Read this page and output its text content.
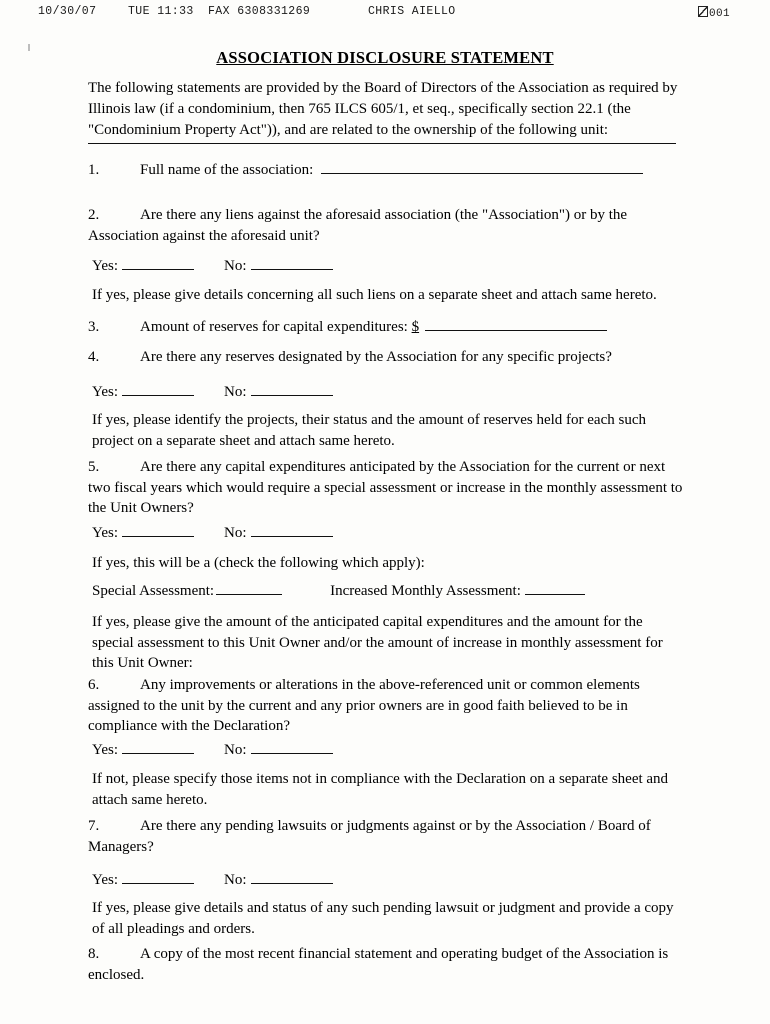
10/30/07	TUE 11:33 FAX 6308331269	CHRIS AIELLO	001
ASSOCIATION DISCLOSURE STATEMENT
The following statements are provided by the Board of Directors of the Association as required by Illinois law (if a condominium, then 765 ILCS 605/1, et seq., specifically section 22.1 (the "Condominium Property Act")), and are related to the ownership of the following unit:
1.	Full name of the association:
2.	Are there any liens against the aforesaid association (the "Association") or by the Association against the aforesaid unit?
Yes:	No:
If yes, please give details concerning all such liens on a separate sheet and attach same hereto.
3.	Amount of reserves for capital expenditures: $
4.	Are there any reserves designated by the Association for any specific projects?
Yes:	No:
If yes, please identify the projects, their status and the amount of reserves held for each such project on a separate sheet and attach same hereto.
5.	Are there any capital expenditures anticipated by the Association for the current or next two fiscal years which would require a special assessment or increase in the monthly assessment to the Unit Owners?
Yes:	No:
If yes, this will be a (check the following which apply):
Special Assessment:	Increased Monthly Assessment:
If yes, please give the amount of the anticipated capital expenditures and the amount for the special assessment to this Unit Owner and/or the amount of increase in monthly assessment for this Unit Owner:
6.	Any improvements or alterations in the above-referenced unit or common elements assigned to the unit by the current and any prior owners are in good faith believed to be in compliance with the Declaration?
Yes:	No:
If not, please specify those items not in compliance with the Declaration on a separate sheet and attach same hereto.
7.	Are there any pending lawsuits or judgments against or by the Association / Board of Managers?
Yes:	No:
If yes, please give details and status of any such pending lawsuit or judgment and provide a copy of all pleadings and orders.
8.	A copy of the most recent financial statement and operating budget of the Association is enclosed.
